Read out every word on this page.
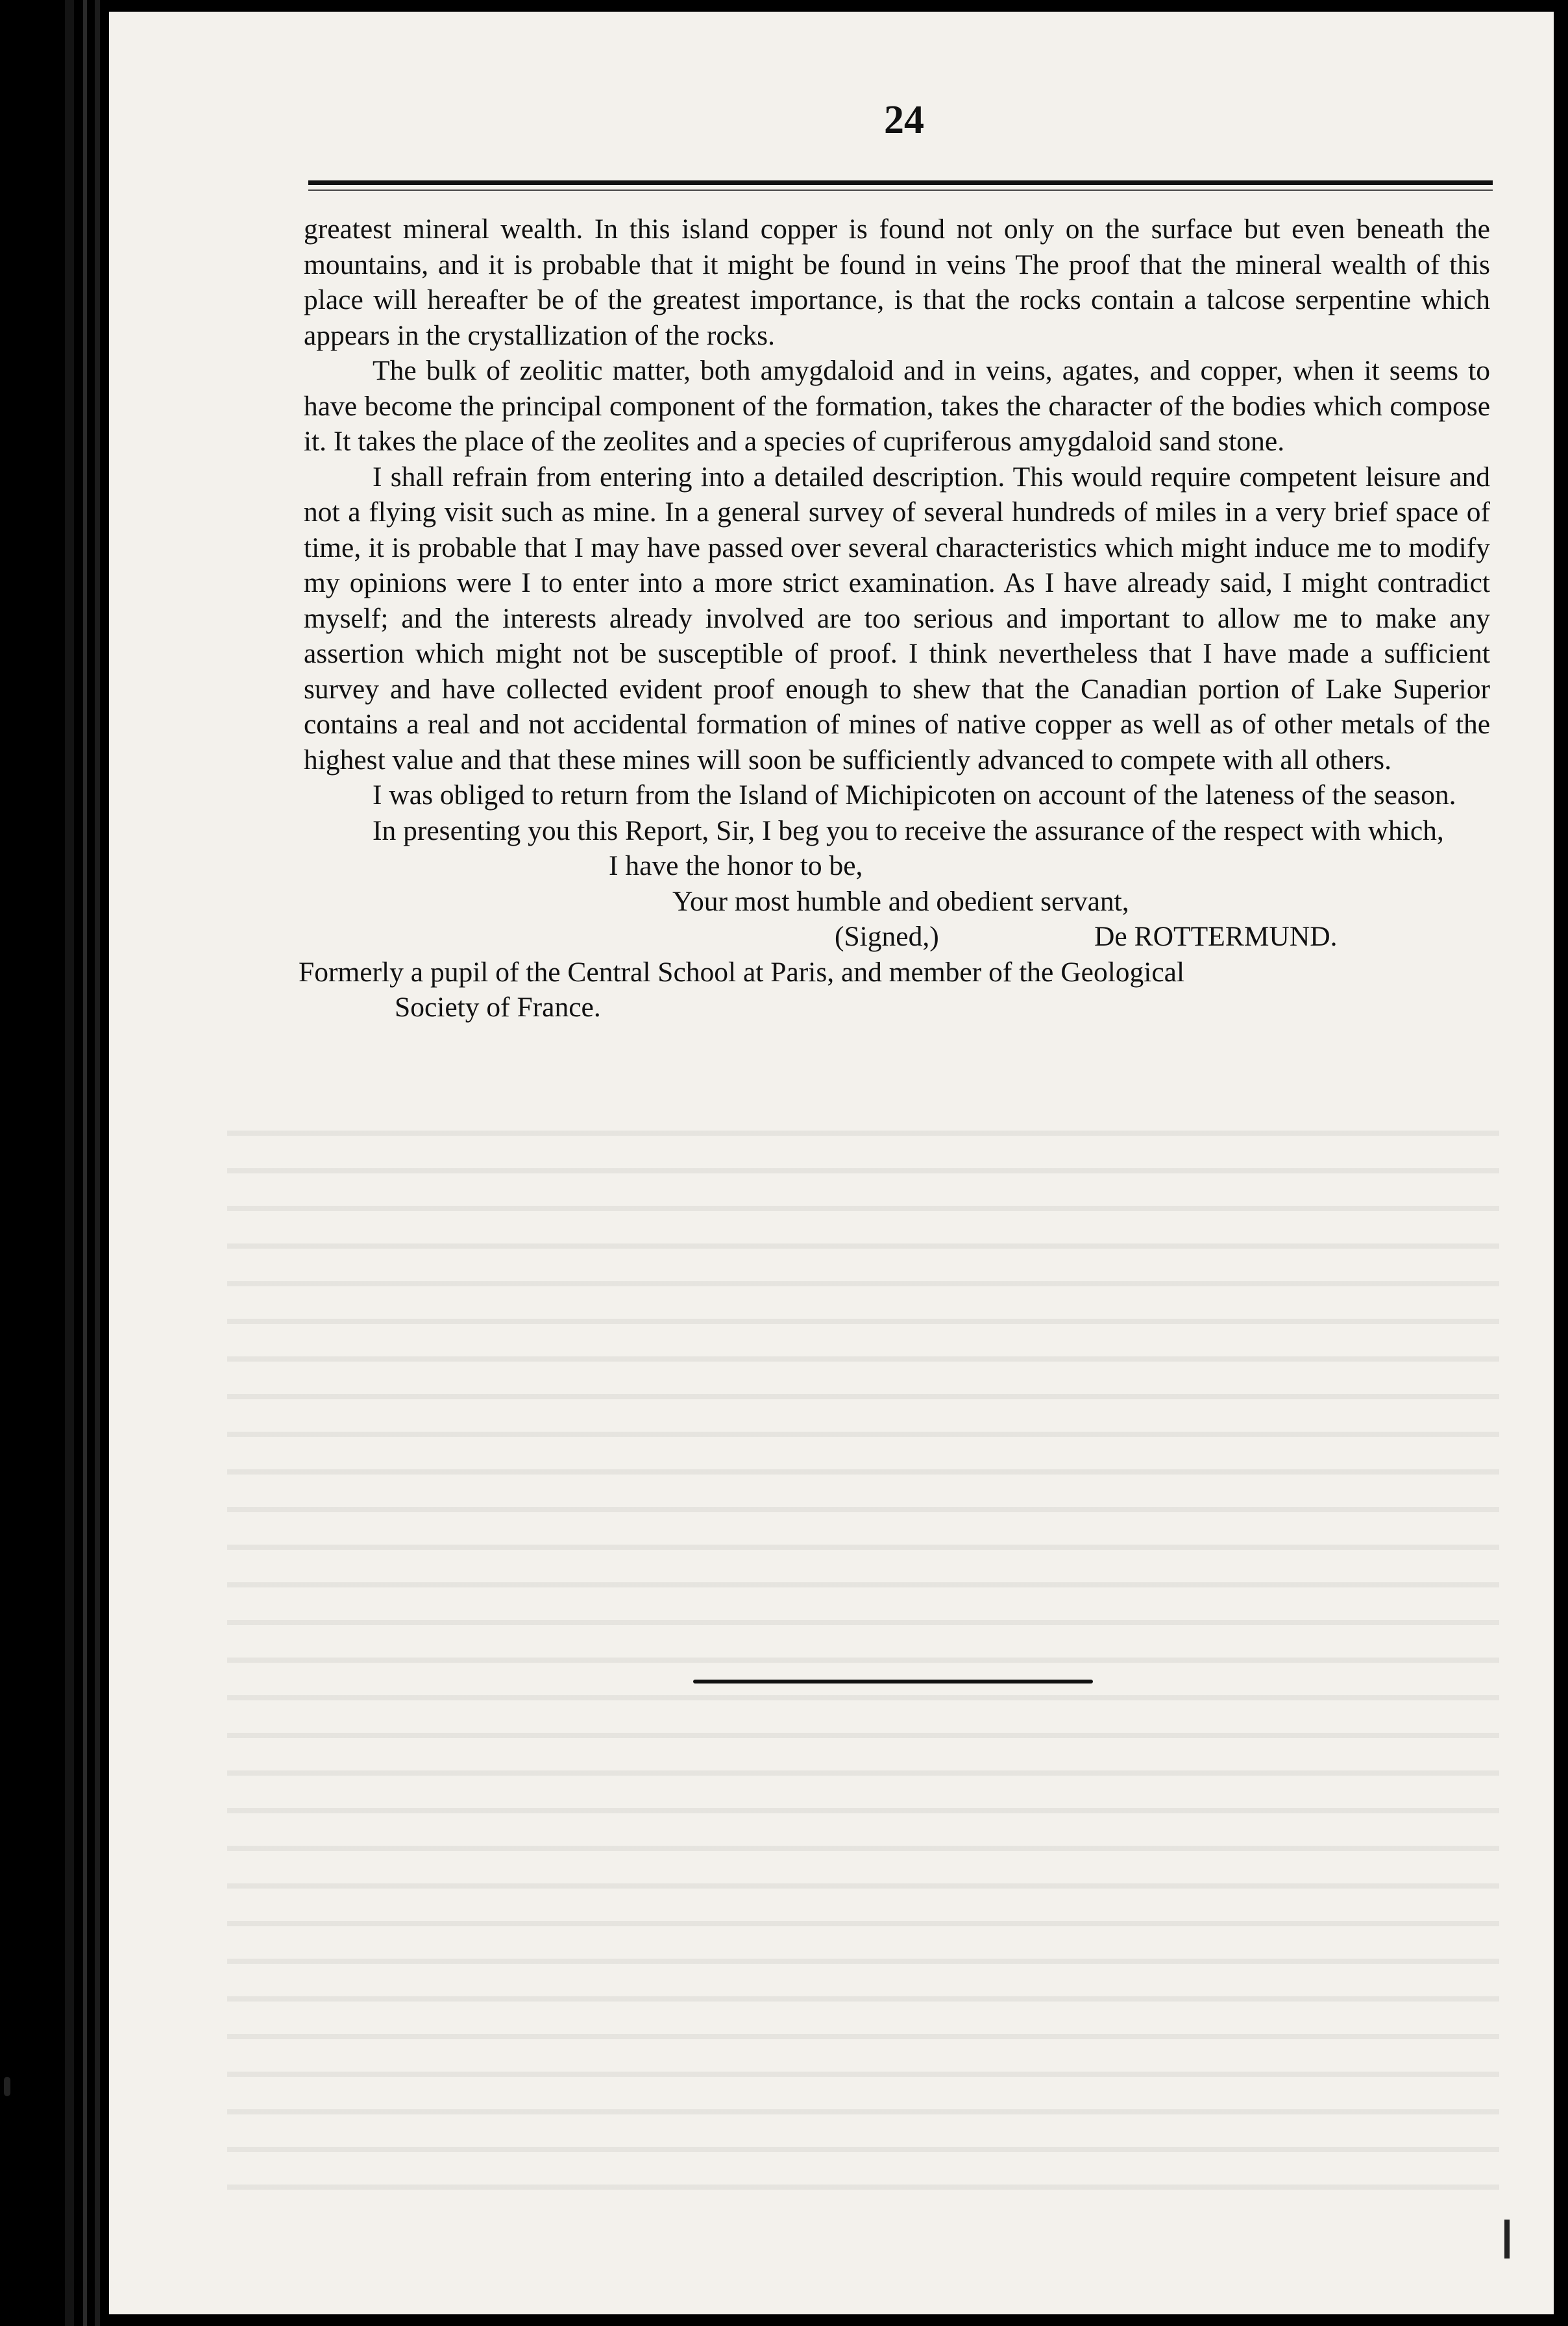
24

greatest mineral wealth. In this island copper is found not only on the surface but even beneath the mountains, and it is probable that it might be found in veins The proof that the mineral wealth of this place will hereafter be of the greatest importance, is that the rocks contain a talcose serpentine which appears in the crystallization of the rocks.

The bulk of zeolitic matter, both amygdaloid and in veins, agates, and copper, when it seems to have become the principal component of the formation, takes the character of the bodies which compose it. It takes the place of the zeolites and a species of cupriferous amygdaloid sand stone.

I shall refrain from entering into a detailed description. This would require competent leisure and not a flying visit such as mine. In a general survey of several hundreds of miles in a very brief space of time, it is probable that I may have passed over several characteristics which might induce me to modify my opinions were I to enter into a more strict examination. As I have already said, I might contradict myself; and the interests already involved are too serious and important to allow me to make any assertion which might not be susceptible of proof. I think nevertheless that I have made a sufficient survey and have collected evident proof enough to shew that the Canadian portion of Lake Superior contains a real and not accidental formation of mines of native copper as well as of other metals of the highest value and that these mines will soon be sufficiently advanced to compete with all others.

I was obliged to return from the Island of Michipicoten on account of the lateness of the season.

In presenting you this Report, Sir, I beg you to receive the assurance of the respect with which,

I have the honor to be,

Your most humble and obedient servant,

(Signed,)	De ROTTERMUND.

Formerly a pupil of the Central School at Paris, and member of the Geological

Society of France.
